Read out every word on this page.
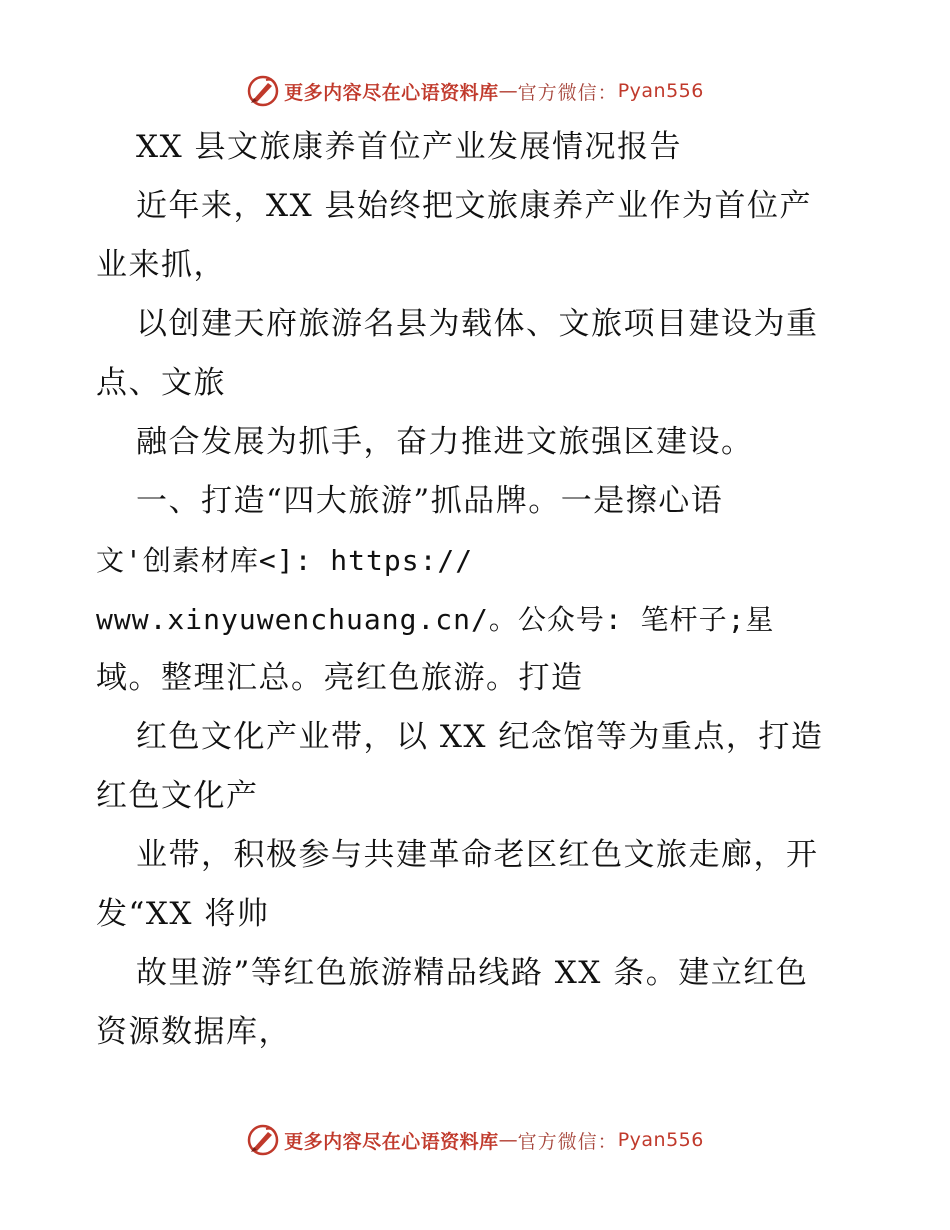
更多内容尽在心语资料库 — 官方微信： Pyan556
XX 县文旅康养首位产业发展情况报告
近年来，XX 县始终把文旅康养产业作为首位产
业来抓，
以创建天府旅游名县为载体、文旅项目建设为重
点、文旅
融合发展为抓手，奋力推进文旅强区建设。
一、打造“四大旅游”抓品牌。一是擦心语
文'创素材库<]: https://
www.xinyuwenchuang.cn/。公众号: 笔杆子;星
域。整理汇总。亮红色旅游。打造
红色文化产业带，以 XX 纪念馆等为重点，打造
红色文化产
业带，积极参与共建革命老区红色文旅走廊，开
发“XX 将帅
故里游”等红色旅游精品线路 XX 条。建立红色
资源数据库，
更多内容尽在心语资料库 — 官方微信： Pyan556
